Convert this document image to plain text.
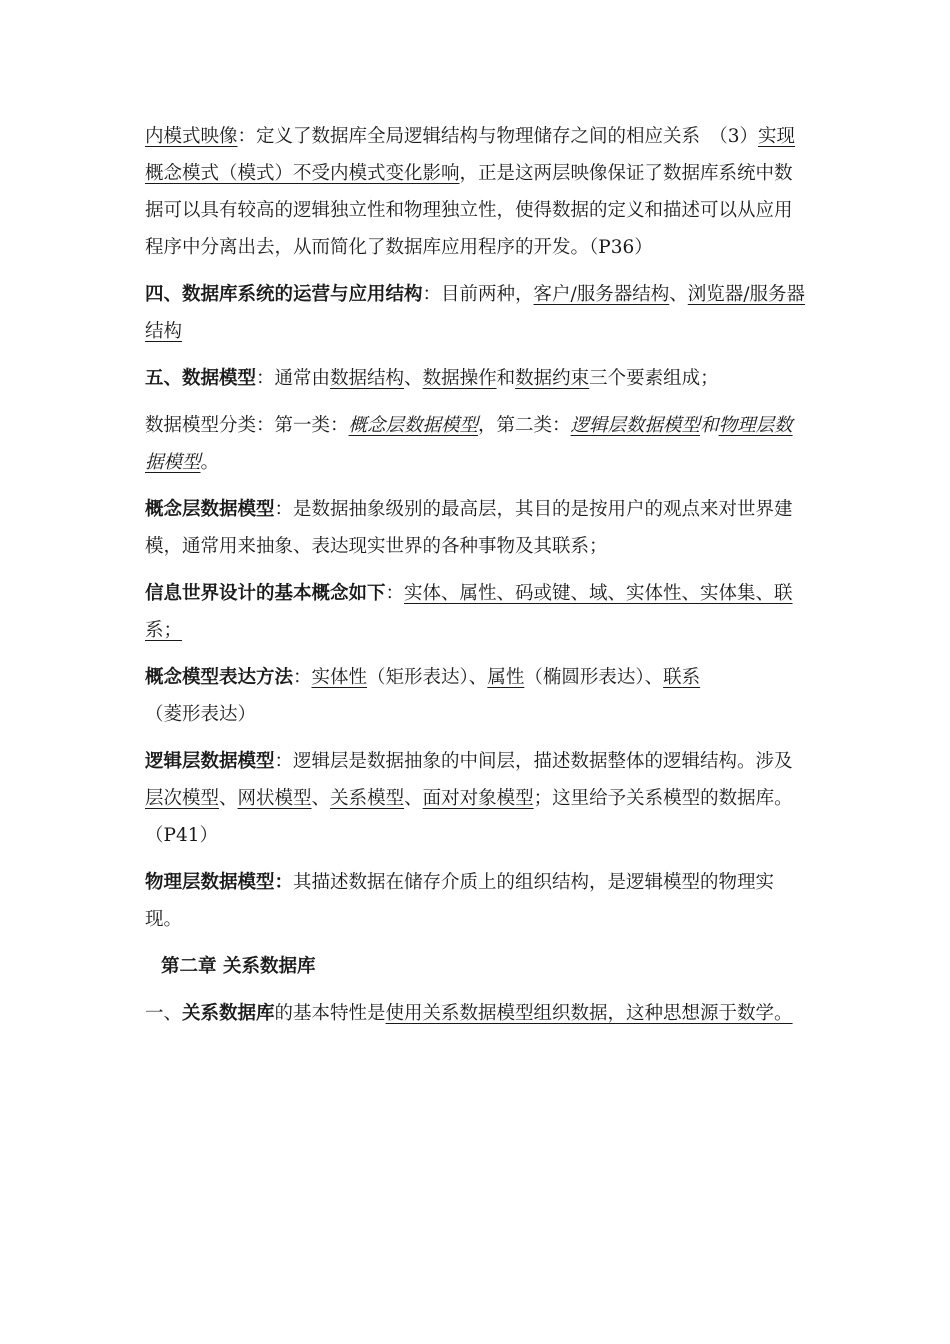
内模式映像：定义了数据库全局逻辑结构与物理储存之间的相应关系　（3）实现概念模式（模式）不受内模式变化影响，正是这两层映像保证了数据库系统中数据可以具有较高的逻辑独立性和物理独立性，使得数据的定义和描述可以从应用程序中分离出去，从而简化了数据库应用程序的开发。（P36）

四、数据库系统的运营与应用结构：目前两种，客户/服务器结构、浏览器/服务器结构

五、数据模型：通常由数据结构、数据操作和数据约束三个要素组成；

数据模型分类：第一类：概念层数据模型，第二类：逻辑层数据模型和物理层数据模型。

概念层数据模型：是数据抽象级别的最高层，其目的是按用户的观点来对世界建模，通常用来抽象、表达现实世界的各种事物及其联系；

信息世界设计的基本概念如下：实体、属性、码或键、域、实体性、实体集、联系；

概念模型表达方法：实体性（矩形表达）、属性（椭圆形表达）、联系（菱形表达）

逻辑层数据模型：逻辑层是数据抽象的中间层，描述数据整体的逻辑结构。涉及层次模型、网状模型、关系模型、面对对象模型；这里给予关系模型的数据库。（P41）

物理层数据模型：其描述数据在储存介质上的组织结构，是逻辑模型的物理实现。

第二章 关系数据库

一、关系数据库的基本特性是使用关系数据模型组织数据，这种思想源于数学。
